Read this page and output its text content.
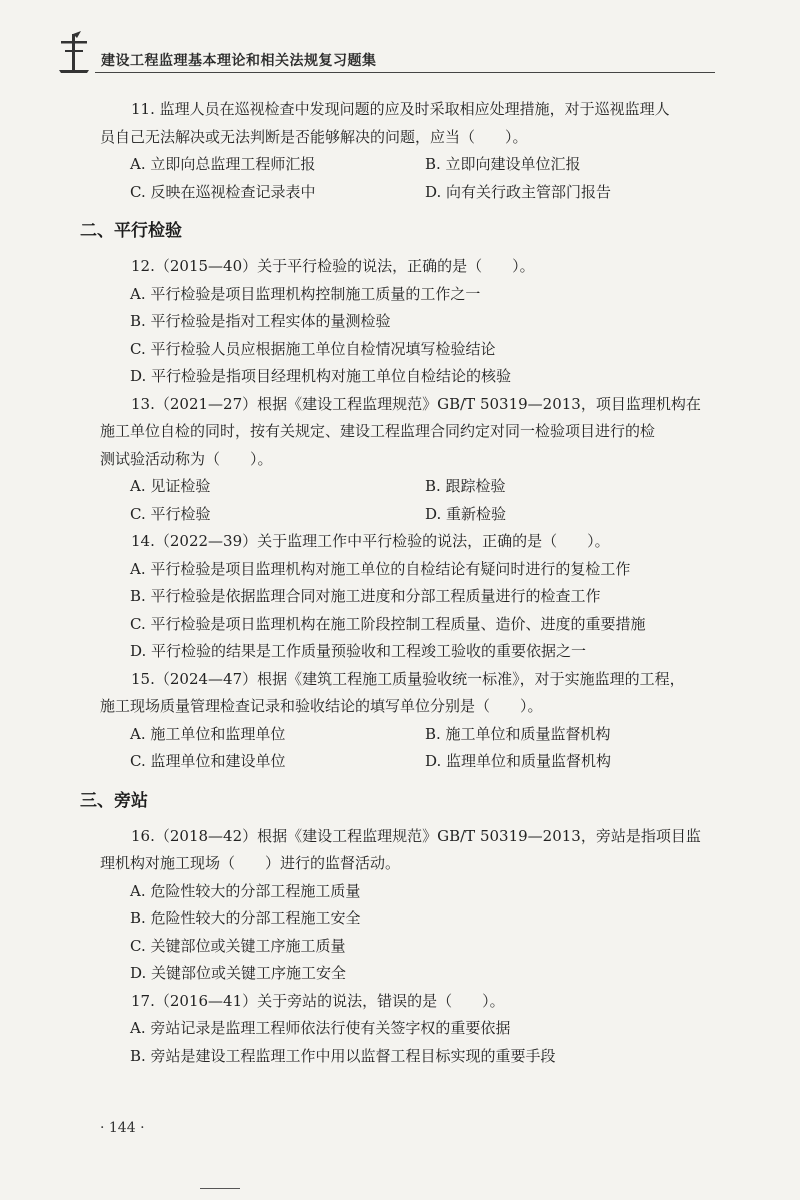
建设工程监理基本理论和相关法规复习题集

11. 监理人员在巡视检查中发现问题的应及时采取相应处理措施，对于巡视监理人

员自己无法解决或无法判断是否能够解决的问题，应当（　　）。

A. 立即向总监理工程师汇报	B. 立即向建设单位汇报
C. 反映在巡视检查记录表中	D. 向有关行政主管部门报告
二、平行检验

12.（2015—40）关于平行检验的说法，正确的是（　　）。

A. 平行检验是项目监理机构控制施工质量的工作之一

B. 平行检验是指对工程实体的量测检验

C. 平行检验人员应根据施工单位自检情况填写检验结论

D. 平行检验是指项目经理机构对施工单位自检结论的核验

13.（2021—27）根据《建设工程监理规范》GB/T 50319—2013，项目监理机构在

施工单位自检的同时，按有关规定、建设工程监理合同约定对同一检验项目进行的检

测试验活动称为（　　）。

A. 见证检验	B. 跟踪检验
C. 平行检验	D. 重新检验

14.（2022—39）关于监理工作中平行检验的说法，正确的是（　　）。

A. 平行检验是项目监理机构对施工单位的自检结论有疑问时进行的复检工作

B. 平行检验是依据监理合同对施工进度和分部工程质量进行的检查工作

C. 平行检验是项日监理机构在施工阶段控制工程质量、造价、进度的重要措施

D. 平行检验的结果是工作质量预验收和工程竣工验收的重要依据之一

15.（2024—47）根据《建筑工程施工质量验收统一标准》，对于实施监理的工程，

施工现场质量管理检查记录和验收结论的填写单位分别是（　　）。

A. 施工单位和监理单位	B. 施工单位和质量监督机构
C. 监理单位和建设单位	D. 监理单位和质量监督机构
三、旁站

16.（2018—42）根据《建设工程监理规范》GB/T 50319—2013，旁站是指项目监

理机构对施工现场（　　）进行的监督活动。

A. 危险性较大的分部工程施工质量

B. 危险性较大的分部工程施工安全

C. 关键部位或关键工序施工质量

D. 关键部位或关键工序施工安全

17.（2016—41）关于旁站的说法，错误的是（　　）。

A. 旁站记录是监理工程师依法行使有关签字权的重要依据

B. 旁站是建设工程监理工作中用以监督工程目标实现的重要手段

· 144 ·
